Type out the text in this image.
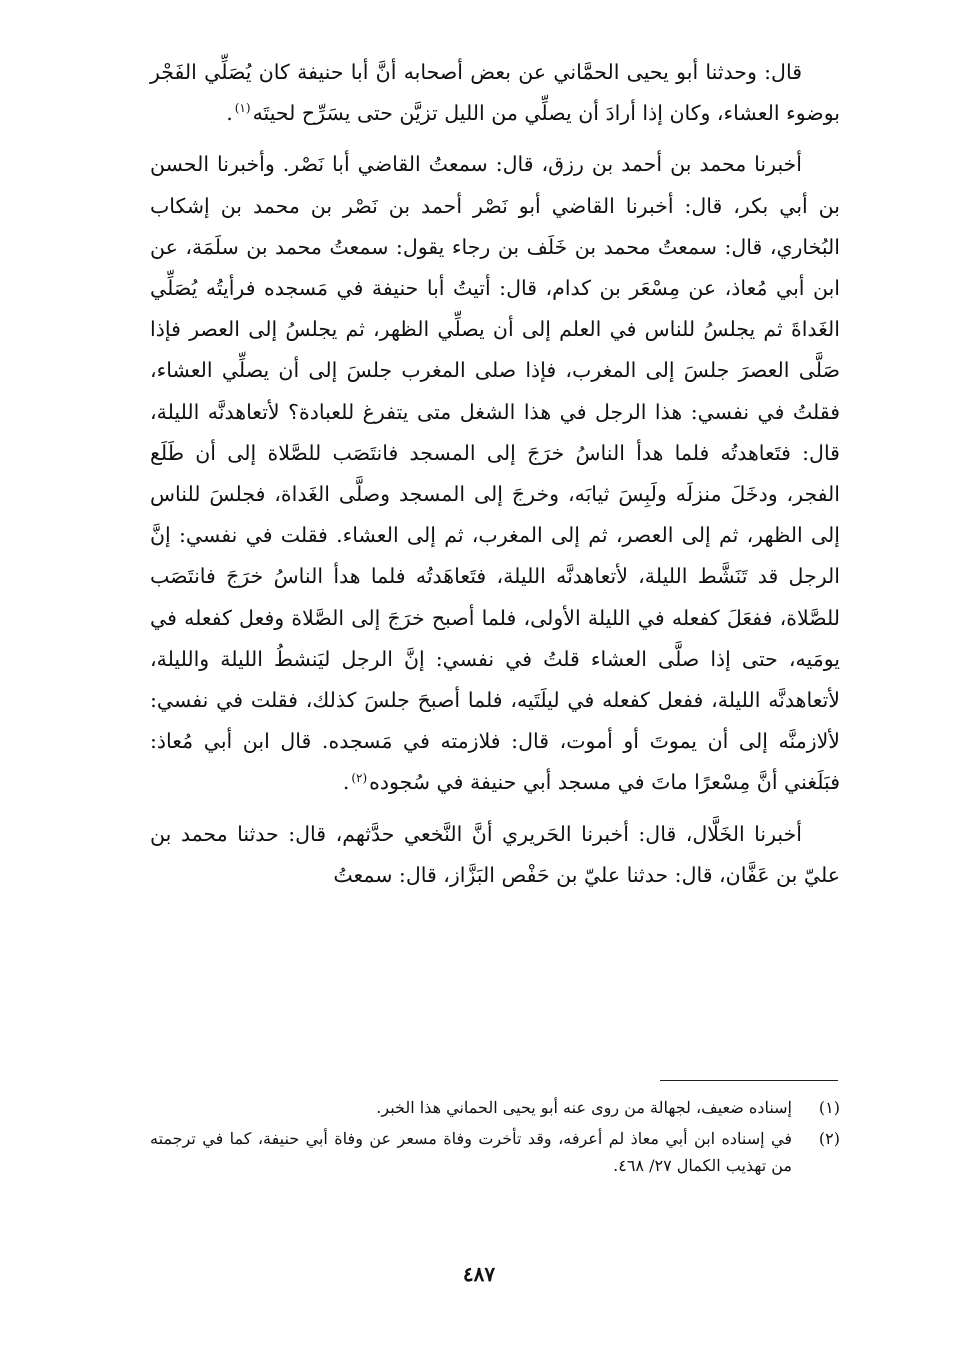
قال: وحدثنا أبو يحيى الحمَّاني عن بعض أصحابه أنَّ أبا حنيفة كان يُصَلِّي الفَجْر بوضوء العشاء، وكان إذا أرادَ أن يصلِّي من الليل تزيَّن حتى يسَرِّح لحيتَه$^{(١)}$.

أخبرنا محمد بن أحمد بن رزق، قال: سمعتُ القاضي أبا نَصْر. وأخبرنا الحسن بن أبي بكر، قال: أخبرنا القاضي أبو نَصْر أحمد بن نَصْر بن محمد بن إشكاب البُخاري، قال: سمعتُ محمد بن خَلَف بن رجاء يقول: سمعتُ محمد بن سلَمَة، عن ابن أبي مُعاذ، عن مِسْعَر بن كدام، قال: أتيتُ أبا حنيفة في مَسجده فرأيتُه يُصَلِّي الغَداةَ ثم يجلسُ للناس في العلم إلى أن يصلِّي الظهر، ثم يجلسُ إلى العصر فإذا صَلَّى العصرَ جلسَ إلى المغرب، فإذا صلى المغرب جلسَ إلى أن يصلِّي العشاء، فقلتُ في نفسي: هذا الرجل في هذا الشغل متى يتفرغ للعبادة؟ لأتعاهدنَّه الليلة، قال: فتَعاهدتُه فلما هدأ الناسُ خرَجَ إلى المسجد فانتَصَب للصَّلاة إلى أن طَلَع الفجر، ودخَلَ منزلَه ولَبِسَ ثيابَه، وخرجَ إلى المسجد وصلَّى الغَداة، فجلسَ للناس إلى الظهر، ثم إلى العصر، ثم إلى المغرب، ثم إلى العشاء. فقلت في نفسي: إنَّ الرجل قد تَنَشَّط الليلة، لأتعاهدنَّه الليلة، فتَعاهَدتُه فلما هدأ الناسُ خرَجَ فانتَصَب للصَّلاة، ففعَلَ كفعله في الليلة الأولى، فلما أصبح خرَجَ إلى الصَّلاة وفعل كفعله في يومَيه، حتى إذا صلَّى العشاء قلتُ في نفسي: إنَّ الرجل ليَنشطُ الليلة والليلة، لأتعاهدنَّه الليلة، ففعل كفعله في ليلَتَيه، فلما أصبحَ جلسَ كذلك، فقلت في نفسي: لألازمنَّه إلى أن يموتَ أو أموت، قال: فلازمته في مَسجده. قال ابن أبي مُعاذ: فبَلَغني أنَّ مِسْعرًا ماتَ في مسجد أبي حنيفة في سُجوده$^{(٢)}$.

أخبرنا الخَلَّال، قال: أخبرنا الحَريري أنَّ النَّخعي حدَّثهم، قال: حدثنا محمد بن عليّ بن عَفَّان، قال: حدثنا عليّ بن حَفْص البَزَّاز، قال: سمعتُ

(١)
إسناده ضعيف، لجهالة من روى عنه أبو يحيى الحماني هذا الخبر.
(٢)
في إسناده ابن أبي معاذ لم أعرفه، وقد تأخرت وفاة مسعر عن وفاة أبي حنيفة، كما في ترجمته من تهذيب الكمال ٢٧/ ٤٦٨.
٤٨٧
